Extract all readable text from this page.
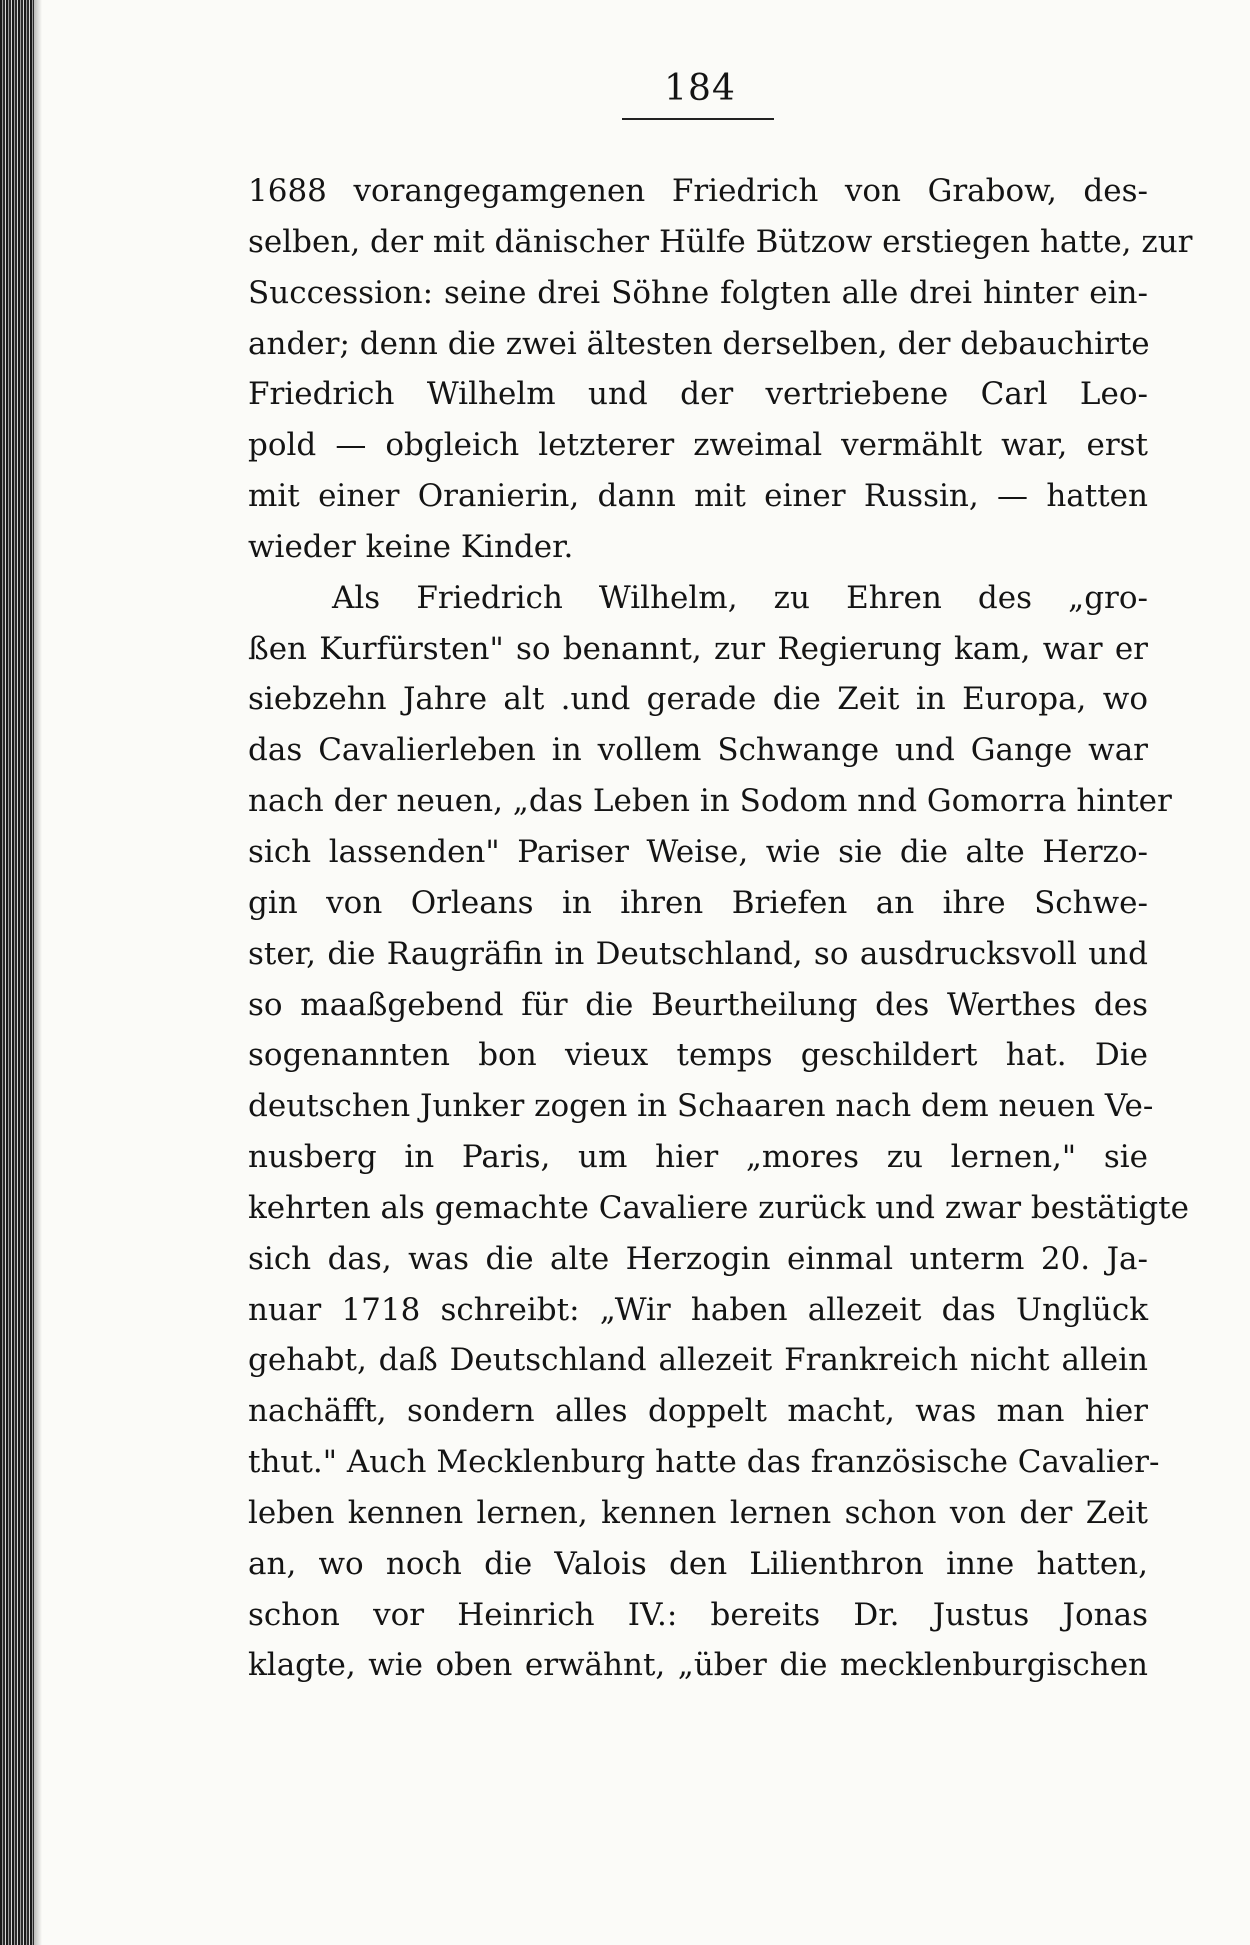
184
1688 vorangegamgenen Friedrich von Grabow, des-
selben, der mit dänischer Hülfe Bützow erstiegen hatte, zur
Succession: seine drei Söhne folgten alle drei hinter ein-
ander; denn die zwei ältesten derselben, der debauchirte
Friedrich Wilhelm und der vertriebene Carl Leo-
pold — obgleich letzterer zweimal vermählt war, erst
mit einer Oranierin, dann mit einer Russin, — hatten
wieder keine Kinder.
Als Friedrich Wilhelm, zu Ehren des „gro-
ßen Kurfürsten" so benannt, zur Regierung kam, war er
siebzehn Jahre alt .und gerade die Zeit in Europa, wo
das Cavalierleben in vollem Schwange und Gange war
nach der neuen, „das Leben in Sodom nnd Gomorra hinter
sich lassenden" Pariser Weise, wie sie die alte Herzo-
gin von Orleans in ihren Briefen an ihre Schwe-
ster, die Raugräfin in Deutschland, so ausdrucksvoll und
so maaßgebend für die Beurtheilung des Werthes des
sogenannten bon vieux temps geschildert hat. Die
deutschen Junker zogen in Schaaren nach dem neuen Ve-
nusberg in Paris, um hier „mores zu lernen," sie
kehrten als gemachte Cavaliere zurück und zwar bestätigte
sich das, was die alte Herzogin einmal unterm 20. Ja-
nuar 1718 schreibt: „Wir haben allezeit das Unglück
gehabt, daß Deutschland allezeit Frankreich nicht allein
nachäfft, sondern alles doppelt macht, was man hier
thut." Auch Mecklenburg hatte das französische Cavalier-
leben kennen lernen, kennen lernen schon von der Zeit
an, wo noch die Valois den Lilienthron inne hatten,
schon vor Heinrich IV.: bereits Dr. Justus Jonas
klagte, wie oben erwähnt, „über die mecklenburgischen
